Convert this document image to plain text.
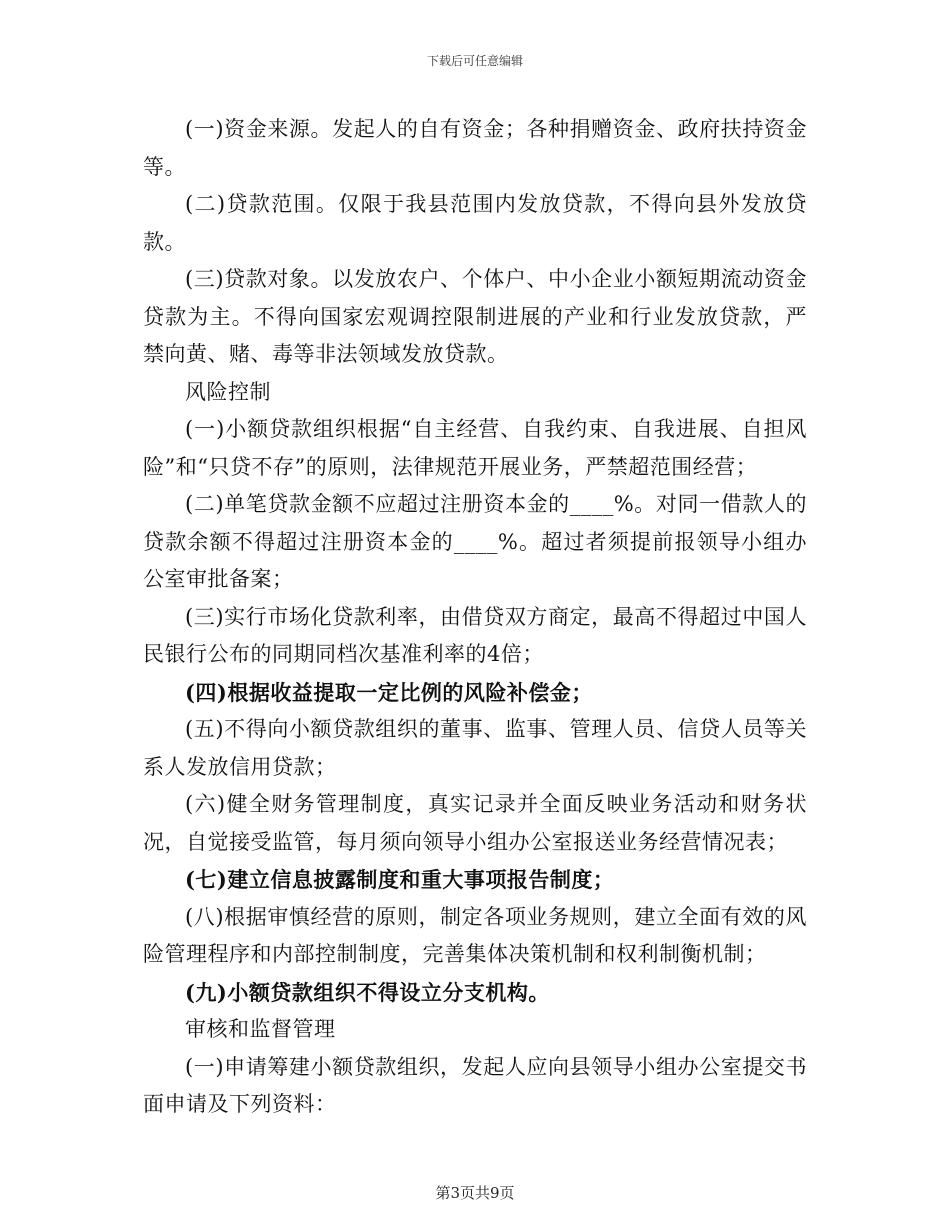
下载后可任意编辑

(一)资金来源。发起人的自有资金；各种捐赠资金、政府扶持资金等。

(二)贷款范围。仅限于我县范围内发放贷款，不得向县外发放贷款。

(三)贷款对象。以发放农户、个体户、中小企业小额短期流动资金贷款为主。不得向国家宏观调控限制进展的产业和行业发放贷款，严禁向黄、赌、毒等非法领域发放贷款。

风险控制

(一)小额贷款组织根据“自主经营、自我约束、自我进展、自担风险”和“只贷不存”的原则，法律规范开展业务，严禁超范围经营；

(二)单笔贷款金额不应超过注册资本金的____%。对同一借款人的贷款余额不得超过注册资本金的____%。超过者须提前报领导小组办公室审批备案；

(三)实行市场化贷款利率，由借贷双方商定，最高不得超过中国人民银行公布的同期同档次基准利率的4倍；

(四)根据收益提取一定比例的风险补偿金；

(五)不得向小额贷款组织的董事、监事、管理人员、信贷人员等关系人发放信用贷款；

(六)健全财务管理制度，真实记录并全面反映业务活动和财务状况，自觉接受监管，每月须向领导小组办公室报送业务经营情况表；

(七)建立信息披露制度和重大事项报告制度；

(八)根据审慎经营的原则，制定各项业务规则，建立全面有效的风险管理程序和内部控制制度，完善集体决策机制和权利制衡机制；

(九)小额贷款组织不得设立分支机构。

审核和监督管理

(一)申请筹建小额贷款组织，发起人应向县领导小组办公室提交书面申请及下列资料：

第3页共9页
